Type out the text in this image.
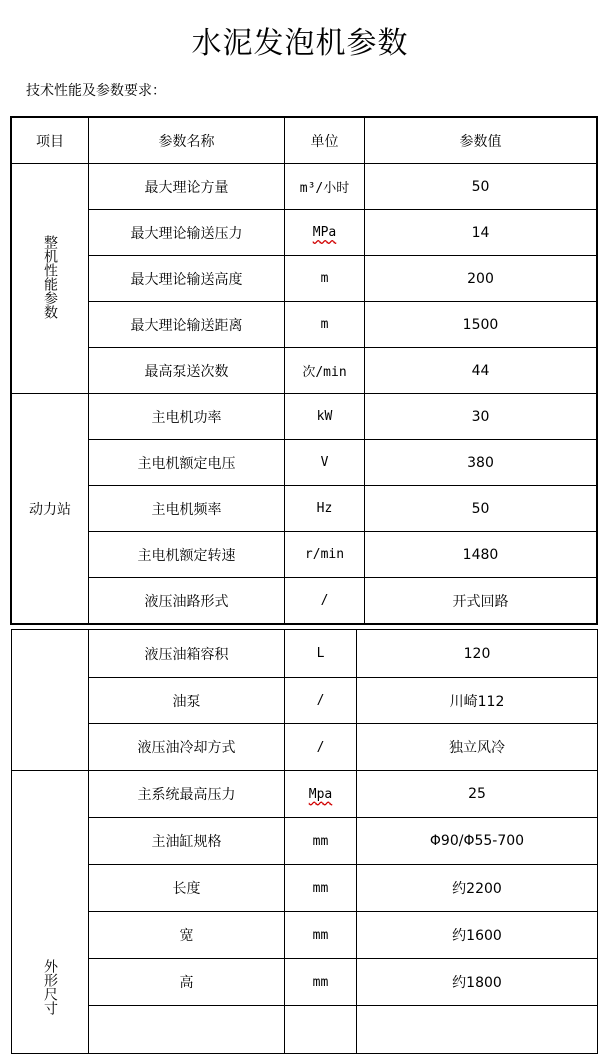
水泥发泡机参数
技术性能及参数要求：
项目	参数名称	单位	参数值
整机性能参数	最大理论方量	m³/小时	50
	最大理论输送压力	MPa	14
	最大理论输送高度	m	200
	最大理论输送距离	m	1500
	最高泵送次数	次/min	44
动力站	主电机功率	kW	30
	主电机额定电压	V	380
	主电机频率	Hz	50
	主电机额定转速	r/min	1480
	液压油路形式	/	开式回路
	液压油箱容积	L	120
	油泵	/	川崎112
	液压油冷却方式	/	独立风冷
外形尺寸	主系统最高压力	Mpa	25
	主油缸规格	mm	Φ90/Φ55-700
	长度	mm	约2200
	宽	mm	约1600
	高	mm	约1800
